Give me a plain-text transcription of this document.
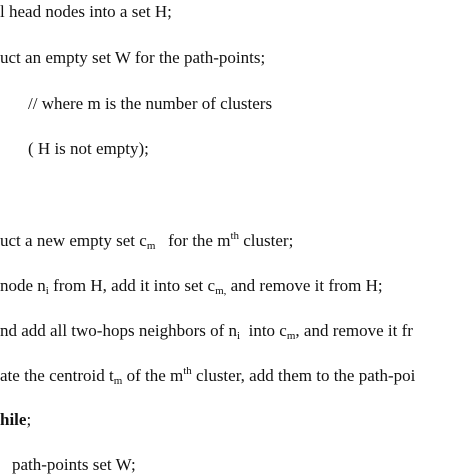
l head nodes into a set H;
uct an empty set W for the path-points;
// where m is the number of clusters
( H is not empty);
uct a new empty set $c_m$ for the $m^{th}$ cluster;
node $n_i$ from H, add it into set $c_{m,}$ and remove it from H;
nd add all two-hops neighbors of $n_i$ into $c_m$, and remove it fr
ate the centroid $t_m$ of the $m^{th}$ cluster, add them to the path-poi
hile;
path-points set W;
